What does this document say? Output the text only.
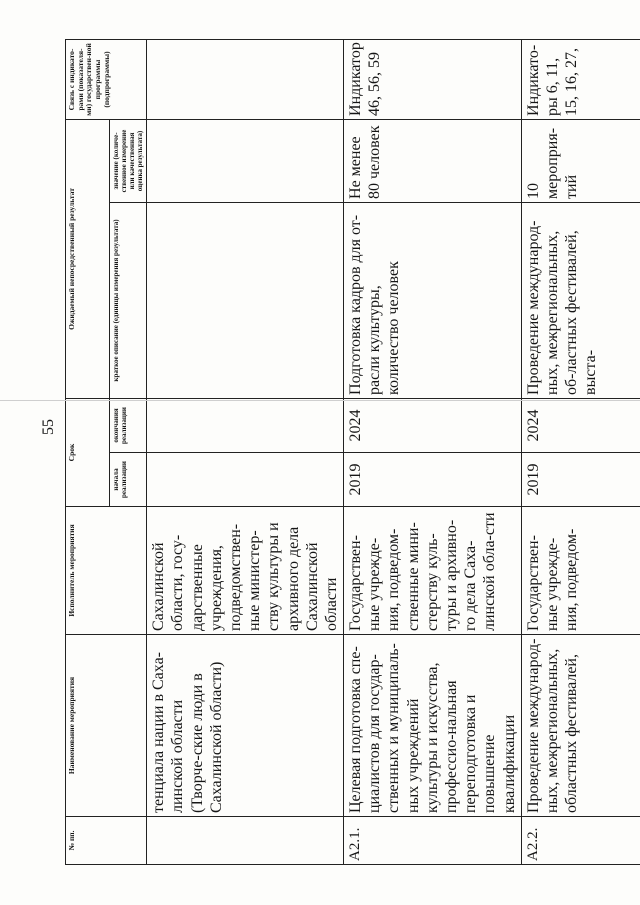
55
№ пп.	Наименование мероприятия	Исполнитель мероприятия	Срок		Ожидаемый непосредственный результат		Связь с индикато-рами (показателя-ми) государствен-ной программы (подпрограммы)
			начала реализации	окончания реализации	краткое описание (единицы измерения результата)	значение (количе-ственное измерение или качественная оценка результата)	
	тенциала нации в Саха-линской области (Творче-ские люди в Сахалинской области)	Сахалинской области, госу-дарственные учреждения, подведомствен-ные министер-ству культуры и архивного дела Сахалинской области					
А2.1.	Целевая подготовка спе-циалистов для государ-ственных и муниципаль-ных учреждений культуры и искусства, профессио-нальная переподготовка и повышение квалификации	Государствен-ные учрежде-ния, подведом-ственные мини-стерству куль-туры и архивно-го дела Саха-линской обла-сти	2019	2024	Подготовка кадров для от-расли культуры, количество человек	Не менее 80 человек	Индикатор 46, 56, 59
А2.2.	Проведение международ-ных, межрегиональных, областных фестивалей,	Государствен-ные учрежде-ния, подведом-	2019	2024	Проведение международ-ных, межрегиональных, об-ластных фестивалей, выста-	10 мероприя-тий	Индикато-ры 6, 11, 15, 16, 27,
